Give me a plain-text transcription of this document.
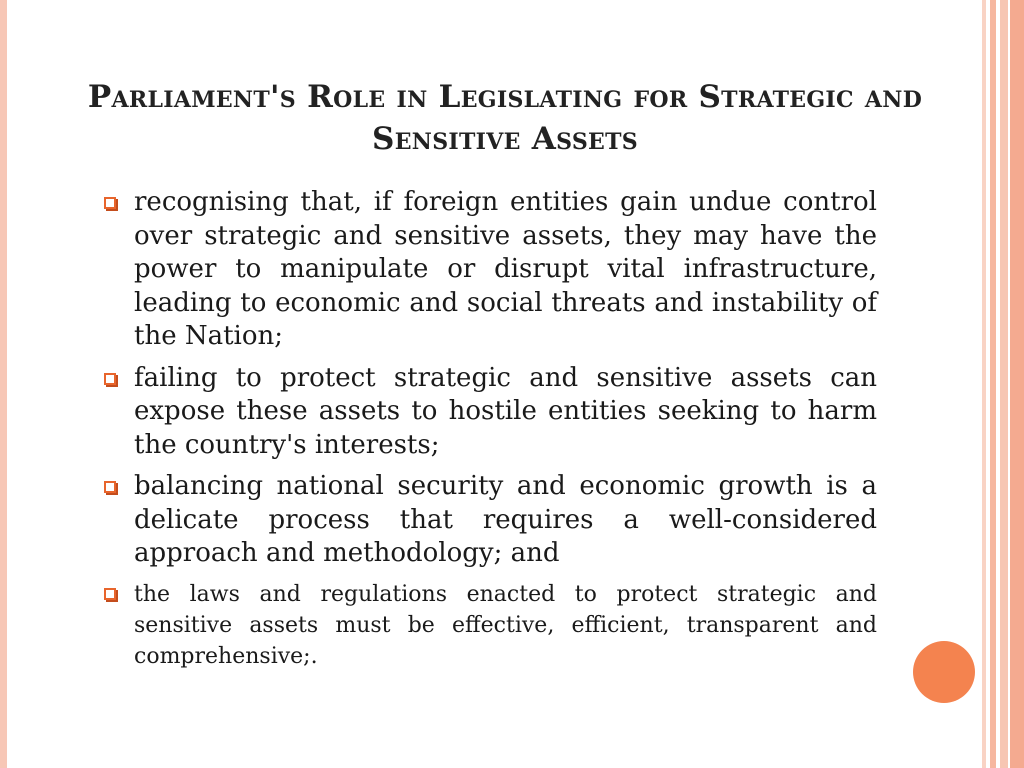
Parliament's Role in Legislating for Strategic and Sensitive Assets
recognising that, if foreign entities gain undue control over strategic and sensitive assets, they may have the power to manipulate or disrupt vital infrastructure, leading to economic and social threats and instability of the Nation;
failing to protect strategic and sensitive assets can expose these assets to hostile entities seeking to harm the country's interests;
balancing national security and economic growth is a delicate process that requires a well-considered approach and methodology; and
the laws and regulations enacted to protect strategic and sensitive assets must be effective, efficient, transparent and comprehensive;.
